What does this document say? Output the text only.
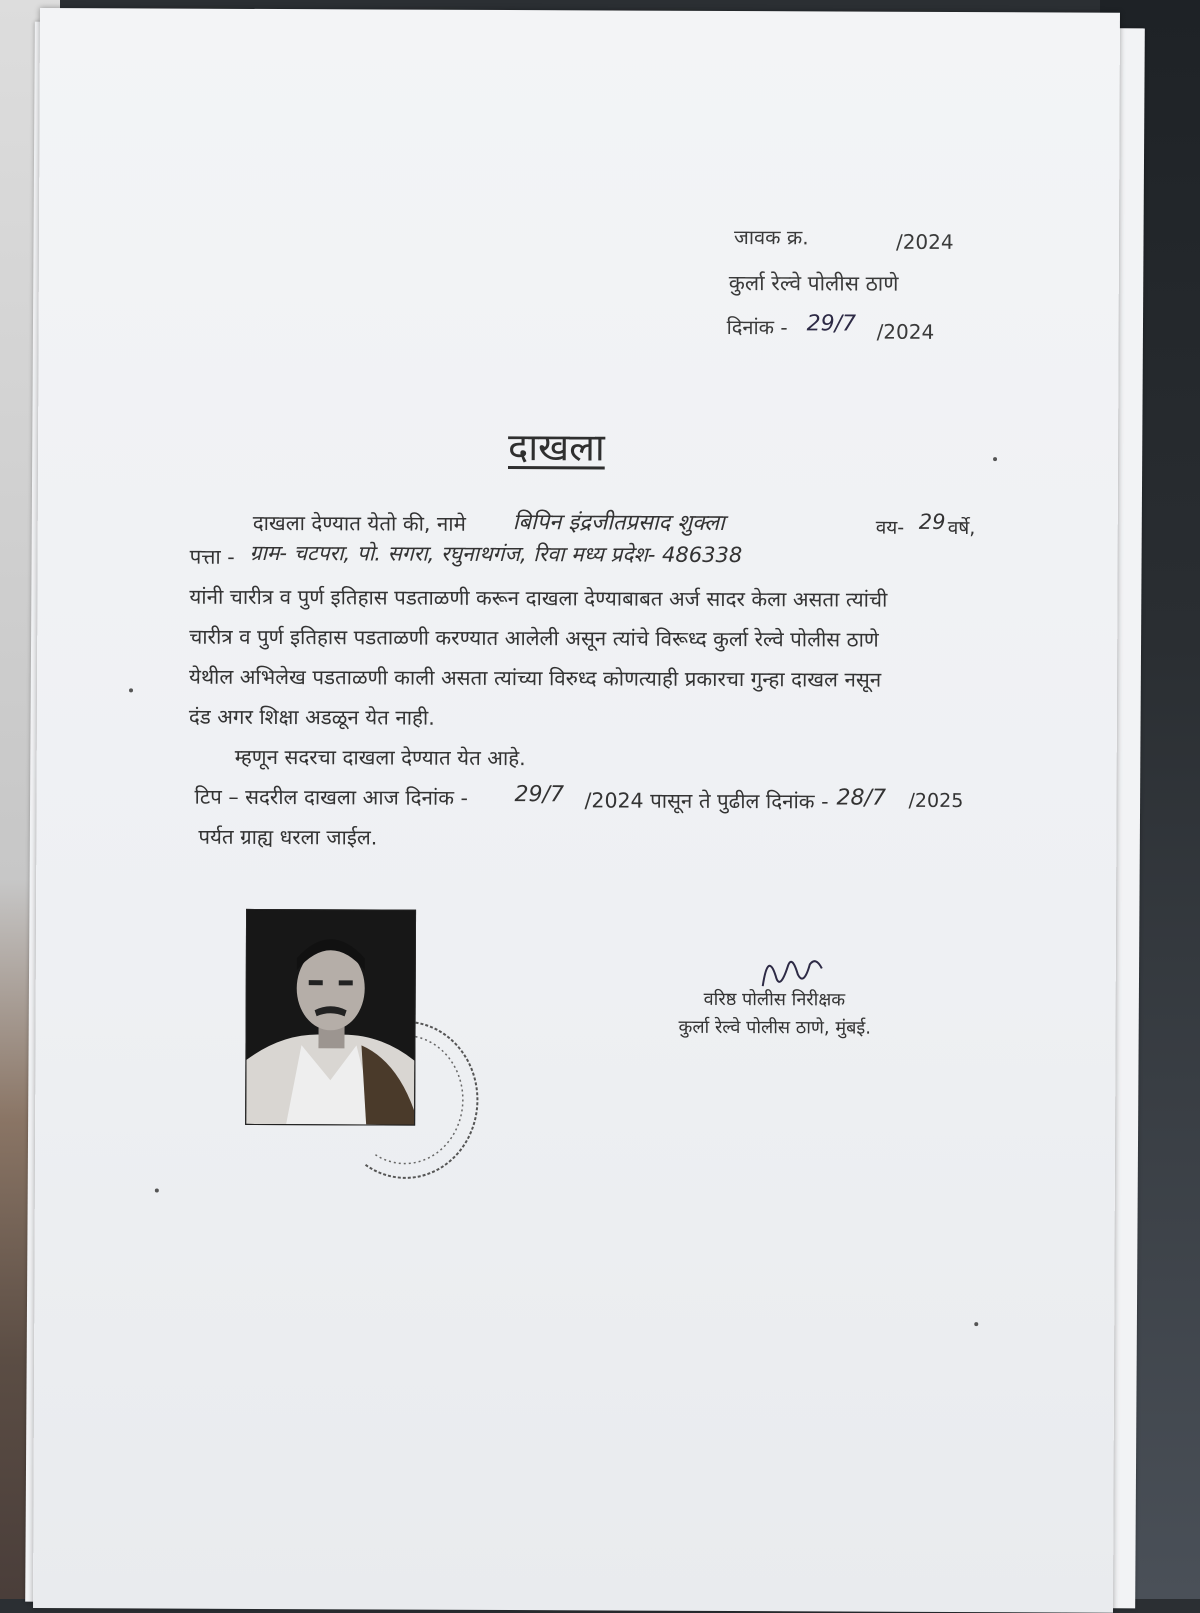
जावक क्र.	/2024
कुर्ला रेल्वे पोलीस ठाणे
दिनांक - 29/7 /2024
दाखला
दाखला देण्यात येतो की, नामे बिपिन इंद्रजीतप्रसाद शुक्ला	वय- 29 वर्षे,
पत्ता - ग्राम- चटपरा, पो. सगरा, रघुनाथगंज, रिवा मध्य प्रदेश- 486338
यांनी चारीत्र व पुर्ण इतिहास पडताळणी करून दाखला देण्याबाबत अर्ज सादर केला असता त्यांची
चारीत्र व पुर्ण इतिहास पडताळणी करण्यात आलेली असून त्यांचे विरूध्द कुर्ला रेल्वे पोलीस ठाणे
येथील अभिलेख पडताळणी काली असता त्यांच्या विरुध्द कोणत्याही प्रकारचा गुन्हा दाखल नसून
दंड अगर शिक्षा अडळून येत नाही.
म्हणून सदरचा दाखला देण्यात येत आहे.
टिप – सदरील दाखला आज दिनांक - 29/7 /2024 पासून ते पुढील दिनांक - 28/7 /2025
पर्यत ग्राह्य धरला जाईल.
वरिष्ठ पोलीस निरीक्षक
कुर्ला रेल्वे पोलीस ठाणे, मुंबई.
